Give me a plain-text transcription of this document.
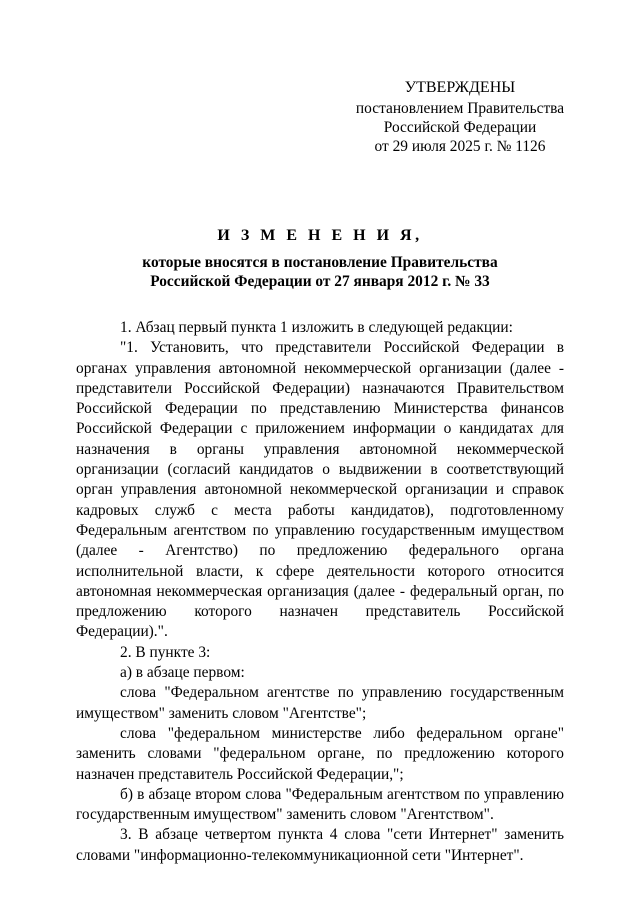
УТВЕРЖДЕНЫ
постановлением Правительства
Российской Федерации
от 29 июля 2025 г. № 1126
И З М Е Н Е Н И Я,
которые вносятся в постановление Правительства
Российской Федерации от 27 января 2012 г. № 33

1. Абзац первый пункта 1 изложить в следующей редакции:

"1. Установить, что представители Российской Федерации в органах управления автономной некоммерческой организации (далее - представители Российской Федерации) назначаются Правительством Российской Федерации по представлению Министерства финансов Российской Федерации с приложением информации о кандидатах для назначения в органы управления автономной некоммерческой организации (согласий кандидатов о выдвижении в соответствующий орган управления автономной некоммерческой организации и справок кадровых служб с места работы кандидатов), подготовленному Федеральным агентством по управлению государственным имуществом (далее - Агентство) по предложению федерального органа исполнительной власти, к сфере деятельности которого относится автономная некоммерческая организация (далее - федеральный орган, по предложению которого назначен представитель Российской Федерации).".

2. В пункте 3:

а) в абзаце первом:

слова "Федеральном агентстве по управлению государственным имуществом" заменить словом "Агентстве";

слова "федеральном министерстве либо федеральном органе" заменить словами "федеральном органе, по предложению которого назначен представитель Российской Федерации,";

б) в абзаце втором слова "Федеральным агентством по управлению государственным имуществом" заменить словом "Агентством".

3. В абзаце четвертом пункта 4 слова "сети Интернет" заменить словами "информационно-телекоммуникационной сети "Интернет".
